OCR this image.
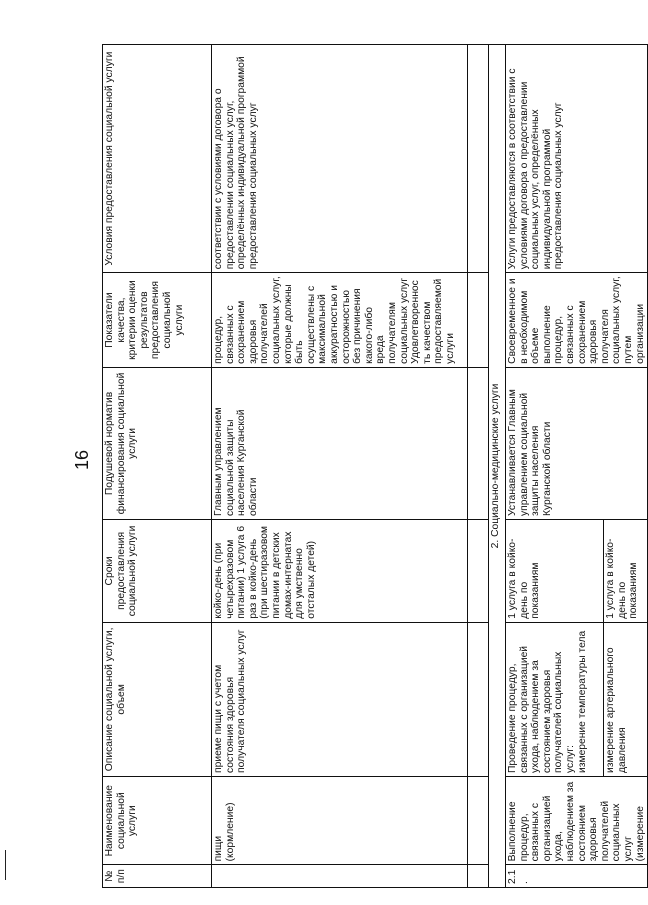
16
№ п/п	Наименование социальной услуги	Описание социальной услуги, объем	Сроки предоставления социальной услуги	Подушевой норматив финансирования социальной услуги	Показатели качества, критерии оценки результатов предоставления социальной услуги	Условия предоставления социальной услуги
	пищи (кормление)	приеме пищи с учетом состояния здоровья получателя социальных услуг	койко-день (при четырехразовом питании) 1 услуга 6 раз в койко-день (при шестиразовом питании в детских домах-интернатах для умственно отсталых детей)	Главным управлением социальной защиты населения Курганской области	процедур, связанных с сохранением здоровья получателей социальных услуг, которые должны быть осуществлены с максимальной аккуратностью и осторожностью без причинения какого-либо вреда получателям социальных услуг Удовлетворенность качеством предоставляемой услуги	соответствии с условиями договора о предоставлении социальных услуг, определённых индивидуальной программой предоставления социальных услуг

2. Социально-медицинские услуги						
2.1.	Выполнение процедур, связанных с организацией ухода, наблюдением за состоянием здоровья получателей социальных услуг (измерение	Проведение процедур, связанных с организацией ухода, наблюдением за состоянием здоровья получателей социальных услуг: измерение температуры тела	1 услуга в койко-день по показаниям	Устанавливается Главным управлением социальной защиты населения Курганской области	Своевременное и в необходимом объеме выполнение процедур, связанных с сохранением здоровья получателя социальных услуг, путем организации	Услуги предоставляются в соответствии с условиями договора о предоставлении социальных услуг, определённых индивидуальной программой предоставления социальных услуг
		измерение артериального давления	1 услуга в койко-день по показаниям			
